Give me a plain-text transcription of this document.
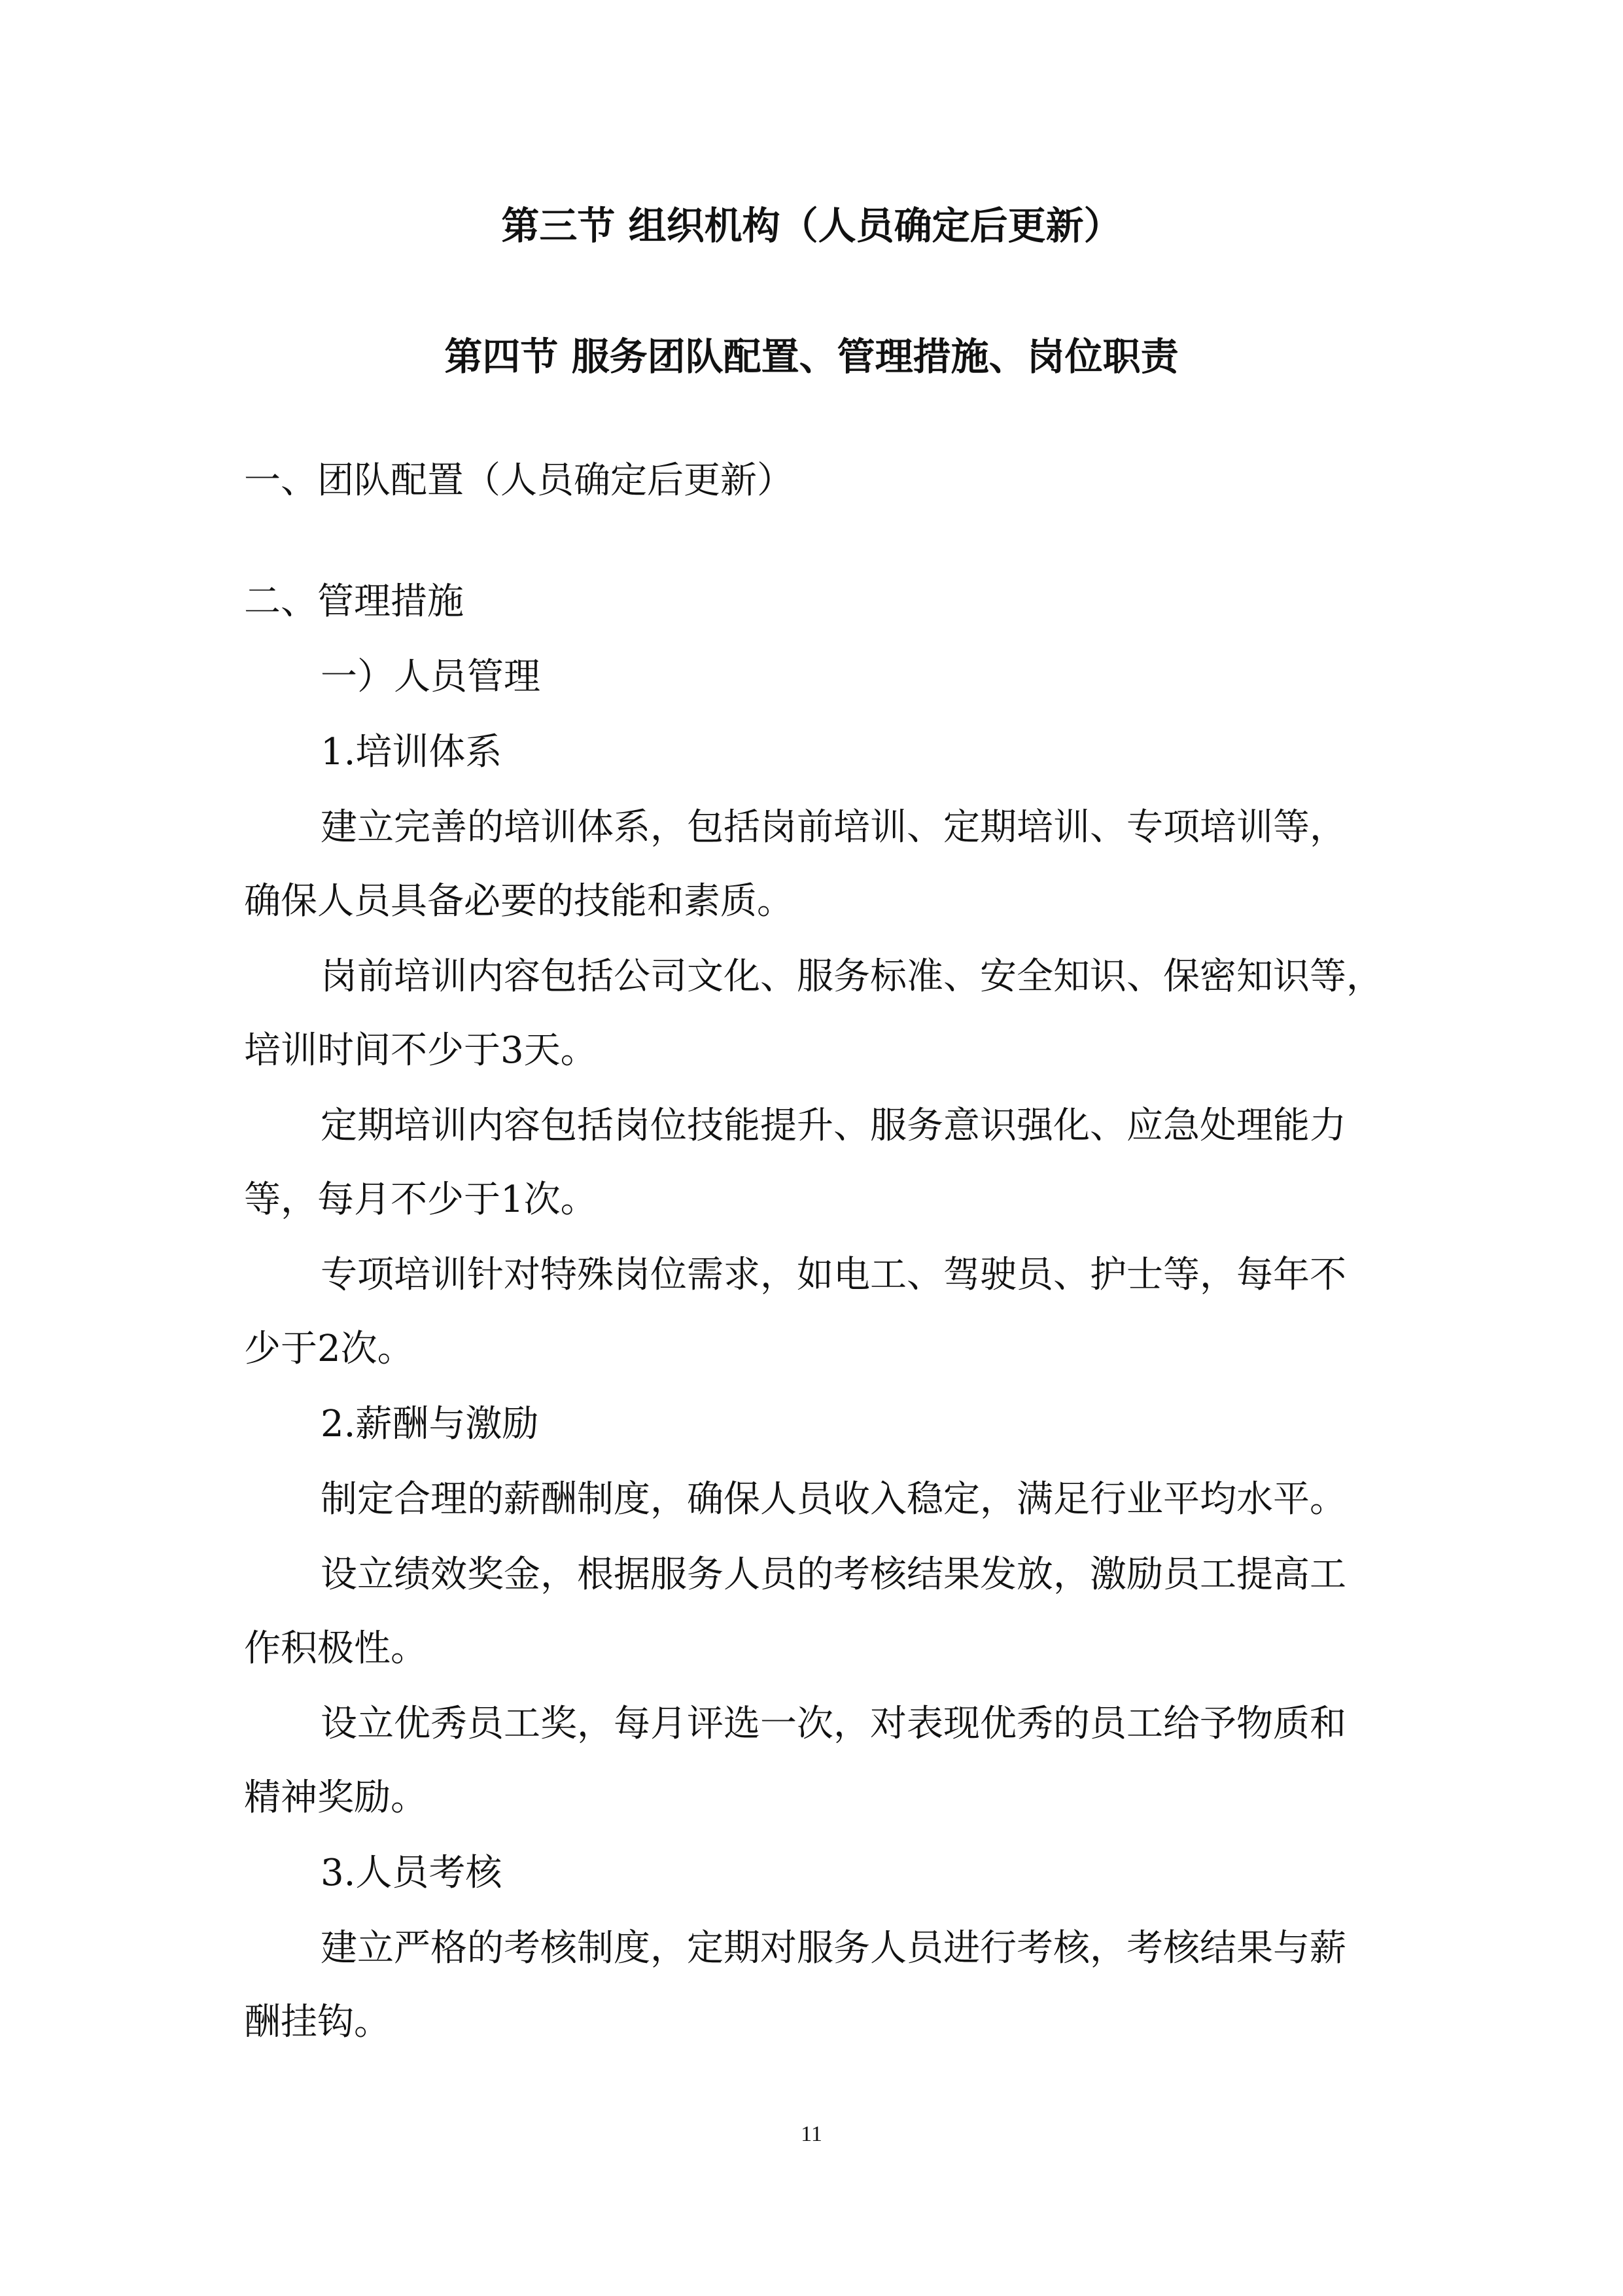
第三节 组织机构（人员确定后更新）
第四节 服务团队配置、管理措施、岗位职责

一、团队配置（人员确定后更新）

二、管理措施

一）人员管理

1.培训体系

建立完善的培训体系，包括岗前培训、定期培训、专项培训等，

确保人员具备必要的技能和素质。

岗前培训内容包括公司文化、服务标准、安全知识、保密知识等，

培训时间不少于3天。

定期培训内容包括岗位技能提升、服务意识强化、应急处理能力

等，每月不少于1次。

专项培训针对特殊岗位需求，如电工、驾驶员、护士等，每年不

少于2次。

2.薪酬与激励

制定合理的薪酬制度，确保人员收入稳定，满足行业平均水平。

设立绩效奖金，根据服务人员的考核结果发放，激励员工提高工

作积极性。

设立优秀员工奖，每月评选一次，对表现优秀的员工给予物质和

精神奖励。

3.人员考核

建立严格的考核制度，定期对服务人员进行考核，考核结果与薪

酬挂钩。

11
